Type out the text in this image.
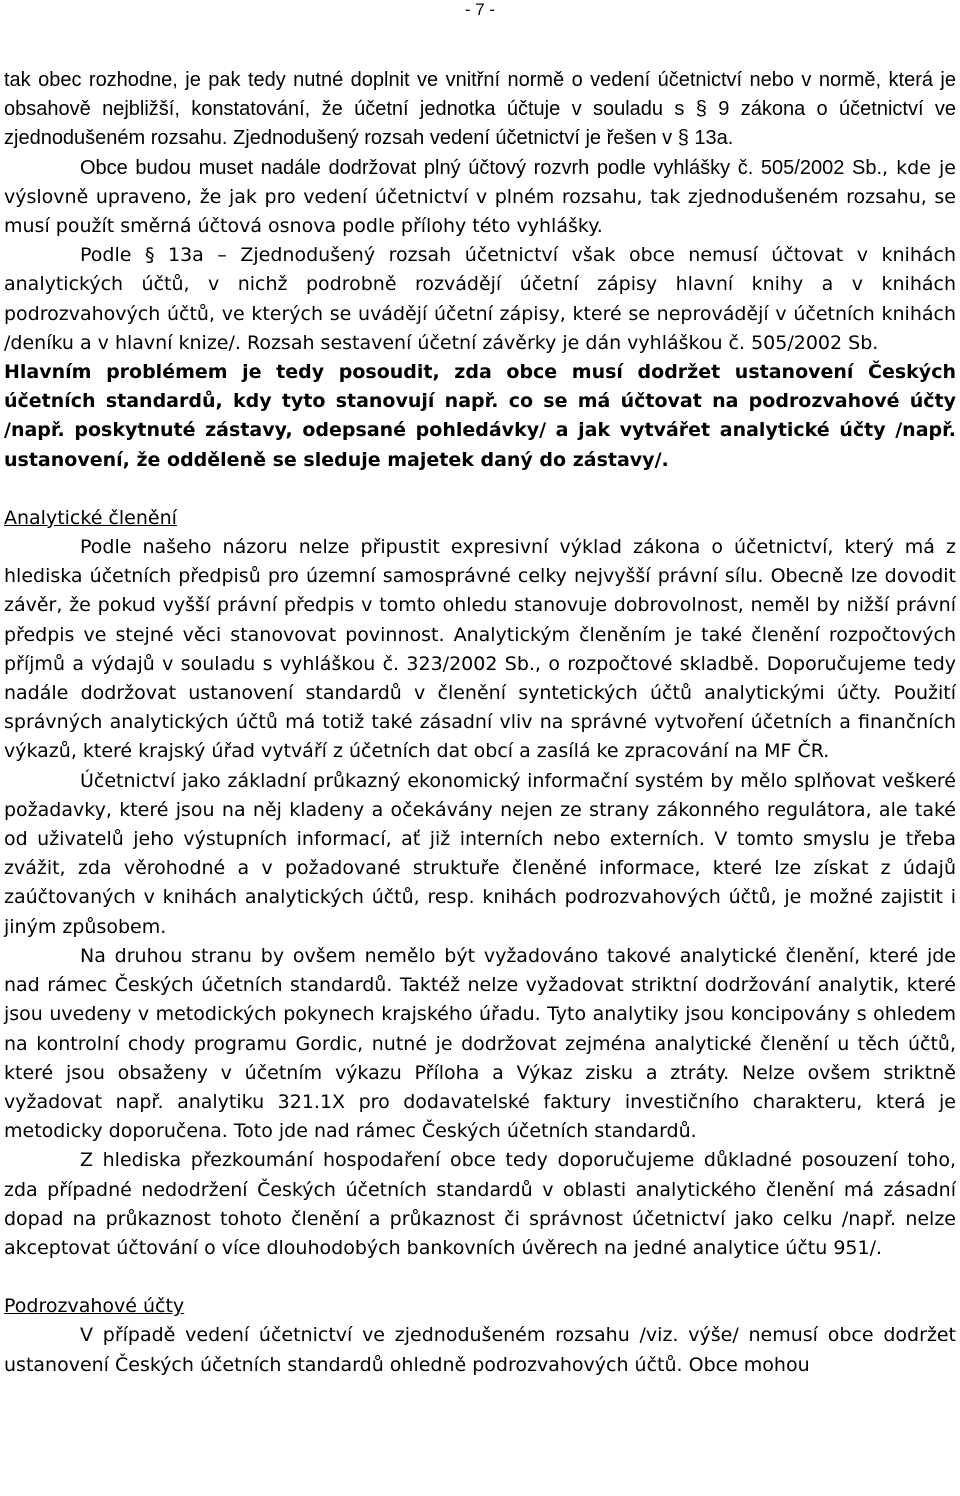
- 7 -

tak obec rozhodne, je pak tedy nutné doplnit ve vnitřní normě o vedení účetnictví nebo v normě, která je obsahově nejbližší, konstatování, že účetní jednotka účtuje v souladu s § 9 zákona o účetnictví ve zjednodušeném rozsahu. Zjednodušený rozsah vedení účetnictví je řešen v § 13a.

Obce budou muset nadále dodržovat plný účtový rozvrh podle vyhlášky č. 505/2002 Sb., kde je výslovně upraveno, že jak pro vedení účetnictví v plném rozsahu, tak zjednodušeném rozsahu, se musí použít směrná účtová osnova podle přílohy této vyhlášky.

Podle § 13a – Zjednodušený rozsah účetnictví však obce nemusí účtovat v knihách analytických účtů, v nichž podrobně rozvádějí účetní zápisy hlavní knihy a v knihách podrozvahových účtů, ve kterých se uvádějí účetní zápisy, které se neprovádějí v účetních knihách /deníku a v hlavní knize/. Rozsah sestavení účetní závěrky je dán vyhláškou č. 505/2002 Sb.

Hlavním problémem je tedy posoudit, zda obce musí dodržet ustanovení Českých účetních standardů, kdy tyto stanovují např. co se má účtovat na podrozvahové účty /např. poskytnuté zástavy, odepsané pohledávky/ a jak vytvářet analytické účty /např. ustanovení, že odděleně se sleduje majetek daný do zástavy/.

Analytické členění

Podle našeho názoru nelze připustit expresivní výklad zákona o účetnictví, který má z hlediska účetních předpisů pro územní samosprávné celky nejvyšší právní sílu. Obecně lze dovodit závěr, že pokud vyšší právní předpis v tomto ohledu stanovuje dobrovolnost, neměl by nižší právní předpis ve stejné věci stanovovat povinnost. Analytickým členěním je také členění rozpočtových příjmů a výdajů v souladu s vyhláškou č. 323/2002 Sb., o rozpočtové skladbě. Doporučujeme tedy nadále dodržovat ustanovení standardů v členění syntetických účtů analytickými účty. Použití správných analytických účtů má totiž také zásadní vliv na správné vytvoření účetních a finančních výkazů, které krajský úřad vytváří z účetních dat obcí a zasílá ke zpracování na MF ČR.

Účetnictví jako základní průkazný ekonomický informační systém by mělo splňovat veškeré požadavky, které jsou na něj kladeny a očekávány nejen ze strany zákonného regulátora, ale také od uživatelů jeho výstupních informací, ať již interních nebo externích. V tomto smyslu je třeba zvážit, zda věrohodné a v požadované struktuře členěné informace, které lze získat z údajů zaúčtovaných v knihách analytických účtů, resp. knihách podrozvahových účtů, je možné zajistit i jiným způsobem.

Na druhou stranu by ovšem nemělo být vyžadováno takové analytické členění, které jde nad rámec Českých účetních standardů. Taktéž nelze vyžadovat striktní dodržování analytik, které jsou uvedeny v metodických pokynech krajského úřadu. Tyto analytiky jsou koncipovány s ohledem na kontrolní chody programu Gordic, nutné je dodržovat zejména analytické členění u těch účtů, které jsou obsaženy v účetním výkazu Příloha a Výkaz zisku a ztráty. Nelze ovšem striktně vyžadovat např. analytiku 321.1X pro dodavatelské faktury investičního charakteru, která je metodicky doporučena. Toto jde nad rámec Českých účetních standardů.

Z hlediska přezkoumání hospodaření obce tedy doporučujeme důkladné posouzení toho, zda případné nedodržení Českých účetních standardů v oblasti analytického členění má zásadní dopad na průkaznost tohoto členění a průkaznost či správnost účetnictví jako celku /např. nelze akceptovat účtování o více dlouhodobých bankovních úvěrech na jedné analytice účtu 951/.

Podrozvahové účty

V případě vedení účetnictví ve zjednodušeném rozsahu /viz. výše/ nemusí obce dodržet ustanovení Českých účetních standardů ohledně podrozvahových účtů. Obce mohou
